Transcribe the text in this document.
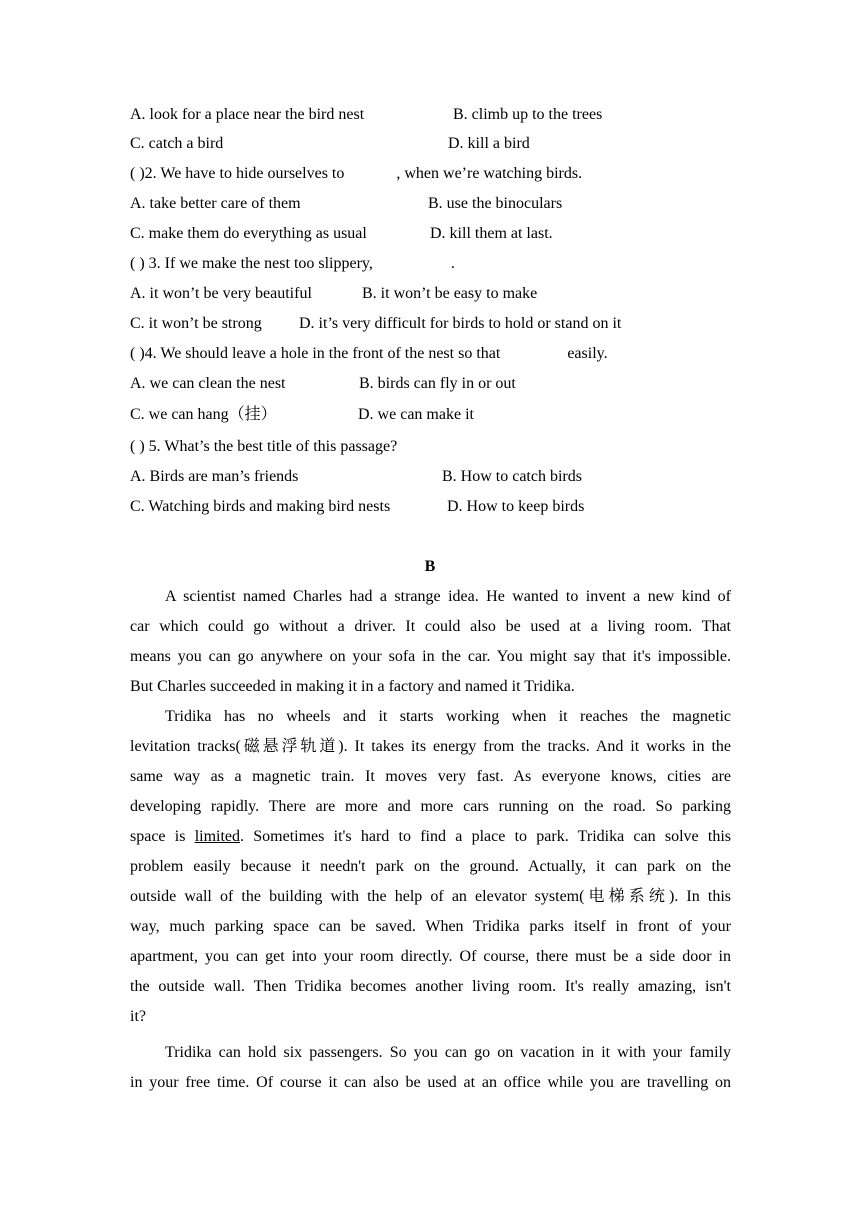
A. look for a place near the bird nest	B. climb up to the trees
C. catch a bird	D. kill a bird
( )2. We have to hide ourselves to	, when we’re watching birds.
A. take better care of them	B. use the binoculars
C. make them do everything as usual	D. kill them at last.
( ) 3. If we make the nest too slippery,	.
A. it won’t be very beautiful	B. it won’t be easy to make
C. it won’t be strong D. it’s very difficult for birds to hold or stand on it
( )4. We should leave a hole in the front of the nest so that	easily.
A. we can clean the nest	B. birds can fly in or out
C. we can hang（挂）	D. we can make it
( ) 5. What’s the best title of this passage?
A. Birds are man’s friends	B. How to catch birds
C. Watching birds and making bird nests	D. How to keep birds
B
A scientist named Charles had a strange idea. He wanted to invent a new kind of
car which could go without a driver. It could also be used at a living room. That
means you can go anywhere on your sofa in the car. You might say that it's impossible.
But Charles succeeded in making it in a factory and named it Tridika.
Tridika has no wheels and it starts working when it reaches the magnetic
levitation tracks(磁悬浮轨道). It takes its energy from the tracks. And it works in the
same way as a magnetic train. It moves very fast. As everyone knows, cities are
developing rapidly. There are more and more cars running on the road. So parking
space is limited. Sometimes it's hard to find a place to park. Tridika can solve this
problem easily because it needn't park on the ground. Actually, it can park on the
outside wall of the building with the help of an elevator system(电梯系统). In this
way, much parking space can be saved. When Tridika parks itself in front of your
apartment, you can get into your room directly. Of course, there must be a side door in
the outside wall. Then Tridika becomes another living room. It's really amazing, isn't
it?
Tridika can hold six passengers. So you can go on vacation in it with your family
in your free time. Of course it can also be used at an office while you are travelling on
